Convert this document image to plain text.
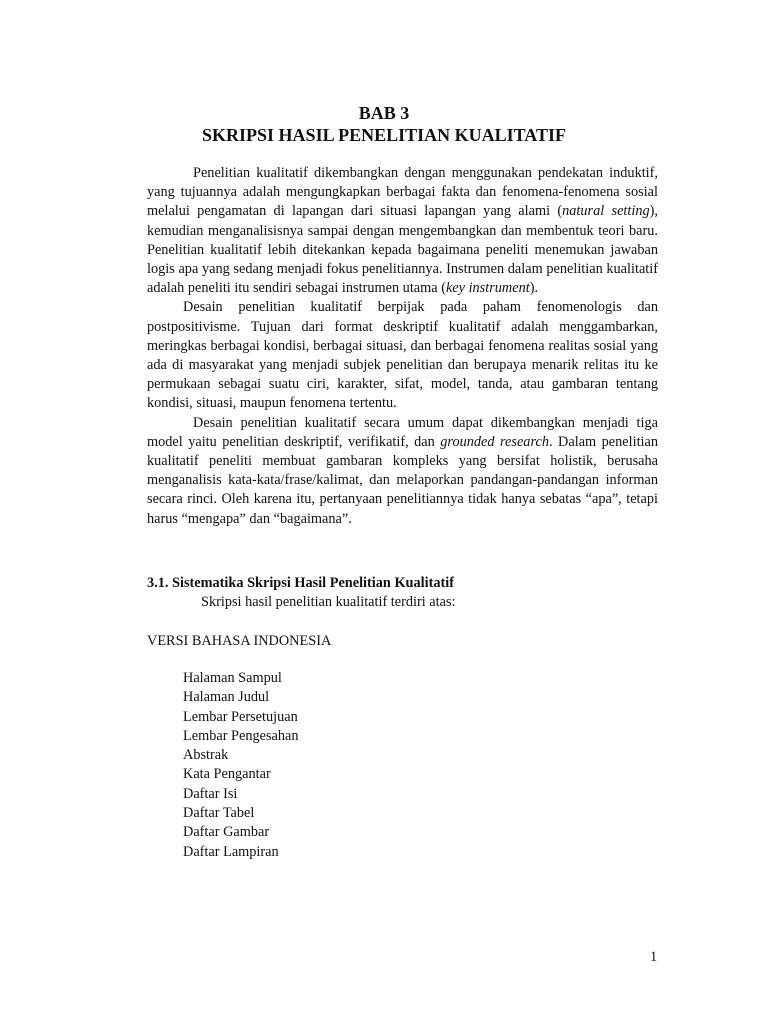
BAB 3
SKRIPSI HASIL PENELITIAN KUALITATIF

Penelitian kualitatif dikembangkan dengan menggunakan pendekatan induktif, yang tujuannya adalah mengungkapkan berbagai fakta dan fenomena-fenomena sosial melalui pengamatan di lapangan dari situasi lapangan yang alami (natural setting), kemudian menganalisisnya sampai dengan mengembangkan dan membentuk teori baru. Penelitian kualitatif lebih ditekankan kepada bagaimana peneliti menemukan jawaban logis apa yang sedang menjadi fokus penelitiannya. Instrumen dalam penelitian kualitatif adalah peneliti itu sendiri sebagai instrumen utama (key instrument).

Desain penelitian kualitatif berpijak pada paham fenomenologis dan postpositivisme. Tujuan dari format deskriptif kualitatif adalah menggambarkan, meringkas berbagai kondisi, berbagai situasi, dan berbagai fenomena realitas sosial yang ada di masyarakat yang menjadi subjek penelitian dan berupaya menarik relitas itu ke permukaan sebagai suatu ciri, karakter, sifat, model, tanda, atau gambaran tentang kondisi, situasi, maupun fenomena tertentu.

Desain penelitian kualitatif secara umum dapat dikembangkan menjadi tiga model yaitu penelitian deskriptif, verifikatif, dan grounded research. Dalam penelitian kualitatif peneliti membuat gambaran kompleks yang bersifat holistik, berusaha menganalisis kata-kata/frase/kalimat, dan melaporkan pandangan-pandangan informan secara rinci. Oleh karena itu, pertanyaan penelitiannya tidak hanya sebatas “apa”, tetapi harus “mengapa” dan “bagaimana”.

3.1. Sistematika Skripsi Hasil Penelitian Kualitatif

Skripsi hasil penelitian kualitatif terdiri atas:

VERSI BAHASA INDONESIA

Halaman Sampul
Halaman Judul
Lembar Persetujuan
Lembar Pengesahan
Abstrak
Kata Pengantar
Daftar Isi
Daftar Tabel
Daftar Gambar
Daftar Lampiran
1
